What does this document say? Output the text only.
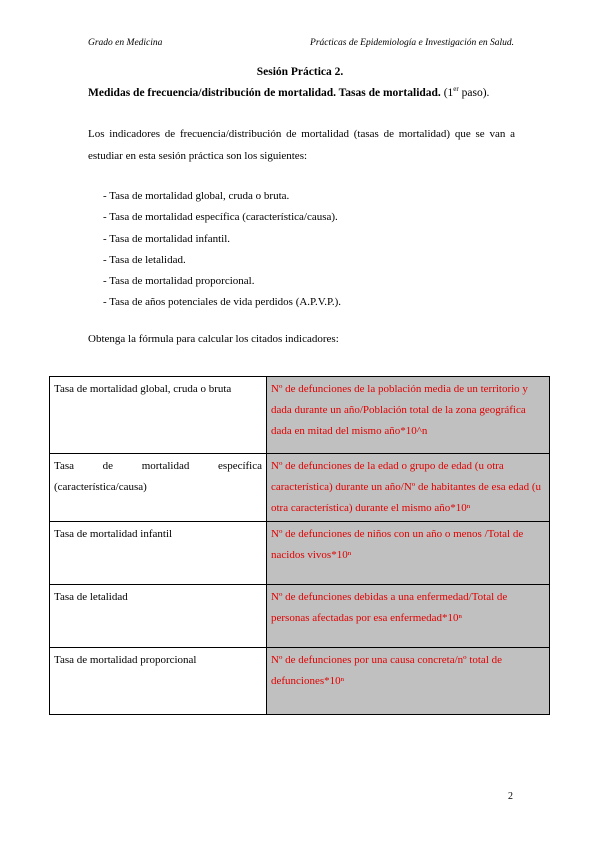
Grado en Medicina	Prácticas de Epidemiología e Investigación en Salud.
Sesión Práctica 2.
Medidas de frecuencia/distribución de mortalidad. Tasas de mortalidad. (1er paso).
Los indicadores de frecuencia/distribución de mortalidad (tasas de mortalidad) que se van a estudiar en esta sesión práctica son los siguientes:
- Tasa de mortalidad global, cruda o bruta.
- Tasa de mortalidad específica (característica/causa).
- Tasa de mortalidad infantil.
- Tasa de letalidad.
- Tasa de mortalidad proporcional.
- Tasa de años potenciales de vida perdidos (A.P.V.P.).
Obtenga la fórmula para calcular los citados indicadores:
Tasa de mortalidad global, cruda o bruta	Nº de defunciones de la población media de un territorio y dada durante un año/Población total de la zona geográfica dada en mitad del mismo año*10^n
Tasa de mortalidad específica (característica/causa)	Nº de defunciones de la edad o grupo de edad (u otra característica) durante un año/Nº de habitantes de esa edad (u otra característica) durante el mismo año*10ⁿ
Tasa de mortalidad infantil	Nº de defunciones de niños con un año o menos /Total de nacidos vivos*10ⁿ
Tasa de letalidad	Nº de defunciones debidas a una enfermedad/Total de personas afectadas por esa enfermedad*10ⁿ
Tasa de mortalidad proporcional	Nº de defunciones por una causa concreta/nº total de defunciones*10ⁿ
2
